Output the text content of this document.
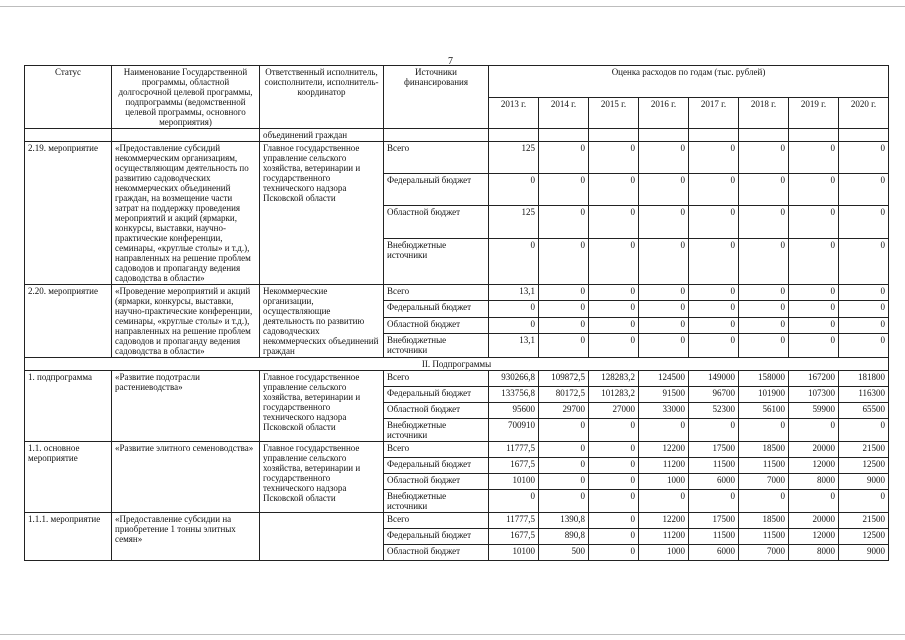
7
Статус	Наименование Государственной программы, областной долгосрочной целевой программы, подпрограммы (ведомственной целевой программы, основного мероприятия)	Ответственный исполнитель, соисполнители, исполнитель-координатор	Источники финансирования	Оценка расходов по годам (тыс. рублей)							
				2013 г.	2014 г.	2015 г.	2016 г.	2017 г.	2018 г.	2019 г.	2020 г.
		объединений граждан									
2.19. мероприятие	«Предоставление субсидий некоммерческим организациям, осуществляющим деятельность по развитию садоводческих некоммерческих объединений граждан, на возмещение части затрат на поддержку проведения мероприятий и акций (ярмарки, конкурсы, выставки, научно-практические конференции, семинары, «круглые столы» и т.д.), направленных на решение проблем садоводов и пропаганду ведения садоводства в области»	Главное государственное управление сельского хозяйства, ветеринарии и государственного технического надзора Псковской области	Всего	125	0	0	0	0	0	0	0
			Федеральный бюджет	0	0	0	0	0	0	0	0
			Областной бюджет	125	0	0	0	0	0	0	0
			Внебюджетные источники	0	0	0	0	0	0	0	0
2.20. мероприятие	«Проведение мероприятий и акций (ярмарки, конкурсы, выставки, научно-практические конференции, семинары, «круглые столы» и т.д.), направленных на решение проблем садоводов и пропаганду ведения садоводства в области»	Некоммерческие организации, осуществляющие деятельность по развитию садоводческих некоммерческих объединений граждан	Всего	13,1	0	0	0	0	0	0	0
			Федеральный бюджет	0	0	0	0	0	0	0	0
			Областной бюджет	0	0	0	0	0	0	0	0
			Внебюджетные источники	13,1	0	0	0	0	0	0	0
II. Подпрограммы											
1. подпрограмма	«Развитие подотрасли растениеводства»	Главное государственное управление сельского хозяйства, ветеринарии и государственного технического надзора Псковской области	Всего	930266,8	109872,5	128283,2	124500	149000	158000	167200	181800
			Федеральный бюджет	133756,8	80172,5	101283,2	91500	96700	101900	107300	116300
			Областной бюджет	95600	29700	27000	33000	52300	56100	59900	65500
			Внебюджетные источники	700910	0	0	0	0	0	0	0
1.1. основное мероприятие	«Развитие элитного семеноводства»	Главное государственное управление сельского хозяйства, ветеринарии и государственного технического надзора Псковской области	Всего	11777,5	0	0	12200	17500	18500	20000	21500
			Федеральный бюджет	1677,5	0	0	11200	11500	11500	12000	12500
			Областной бюджет	10100	0	0	1000	6000	7000	8000	9000
			Внебюджетные источники	0	0	0	0	0	0	0	0
1.1.1. мероприятие	«Предоставление субсидии на приобретение 1 тонны элитных семян»		Всего	11777,5	1390,8	0	12200	17500	18500	20000	21500
			Федеральный бюджет	1677,5	890,8	0	11200	11500	11500	12000	12500
			Областной бюджет	10100	500	0	1000	6000	7000	8000	9000
